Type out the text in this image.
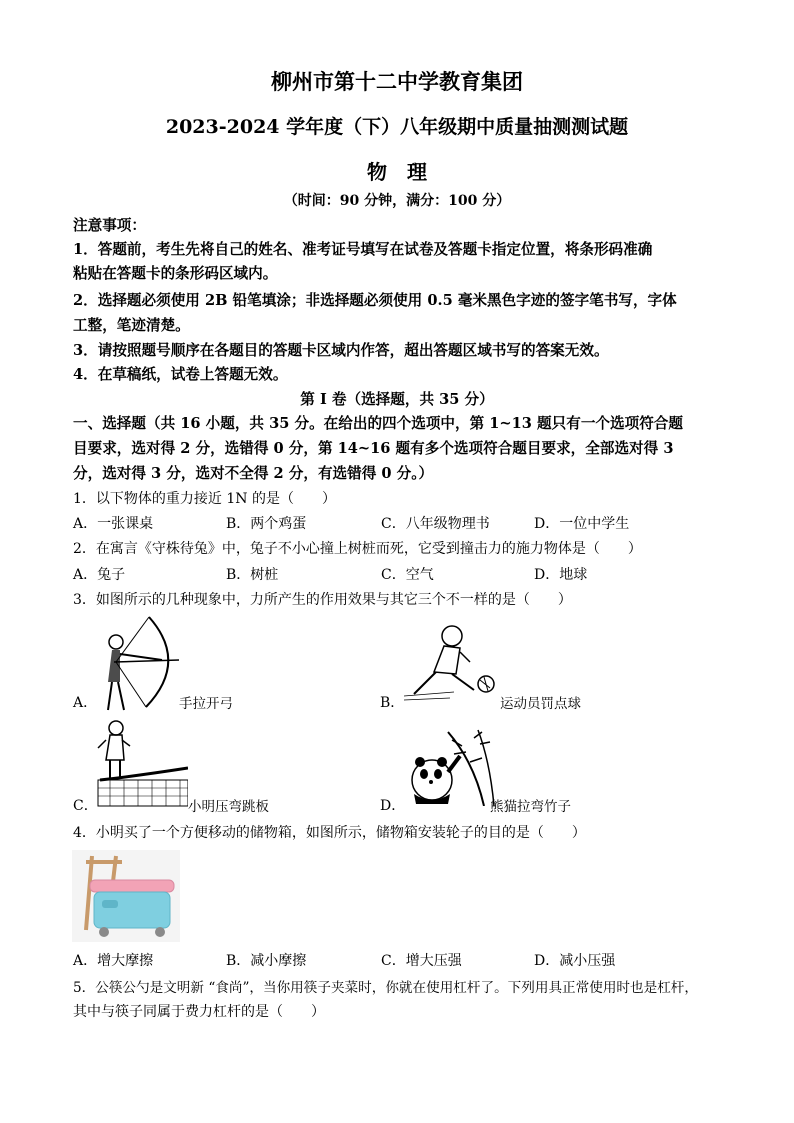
柳州市第十二中学教育集团
2023-2024 学年度（下）八年级期中质量抽测测试题
物　理
（时间：90 分钟，满分：100 分）
注意事项：
1．答题前，考生先将自己的姓名、准考证号填写在试卷及答题卡指定位置，将条形码准确
粘贴在答题卡的条形码区域内。
2．选择题必须使用 2B 铅笔填涂；非选择题必须使用 0.5 毫米黑色字迹的签字笔书写，字体
工整，笔迹清楚。
3．请按照题号顺序在各题目的答题卡区域内作答，超出答题区域书写的答案无效。
4．在草稿纸，试卷上答题无效。
第 I 卷（选择题，共 35 分）
一、选择题（共 16 小题，共 35 分。在给出的四个选项中，第 1~13 题只有一个选项符合题
目要求，选对得 2 分，选错得 0 分，第 14~16 题有多个选项符合题目要求，全部选对得 3
分，选对得 3 分，选对不全得 2 分，有选错得 0 分。）
1．以下物体的重力接近 1N 的是（　　）
A．一张课桌	B．两个鸡蛋	C．八年级物理书	D．一位中学生
2．在寓言《守株待兔》中，兔子不小心撞上树桩而死，它受到撞击力的施力物体是（　　）
A．兔子	B．树桩	C．空气	D．地球
3．如图所示的几种现象中，力所产生的作用效果与其它三个不一样的是（　　）
A．	手拉开弓	B．	运动员罚点球
C．	小明压弯跳板	D．	熊猫拉弯竹子
4．小明买了一个方便移动的储物箱，如图所示，储物箱安装轮子的目的是（　　）
A．增大摩擦	B．减小摩擦	C．增大压强	D．减小压强
5．公筷公勺是文明新 “食尚”，当你用筷子夹菜时，你就在使用杠杆了。下列用具正常使用时也是杠杆，
其中与筷子同属于费力杠杆的是（　　）
